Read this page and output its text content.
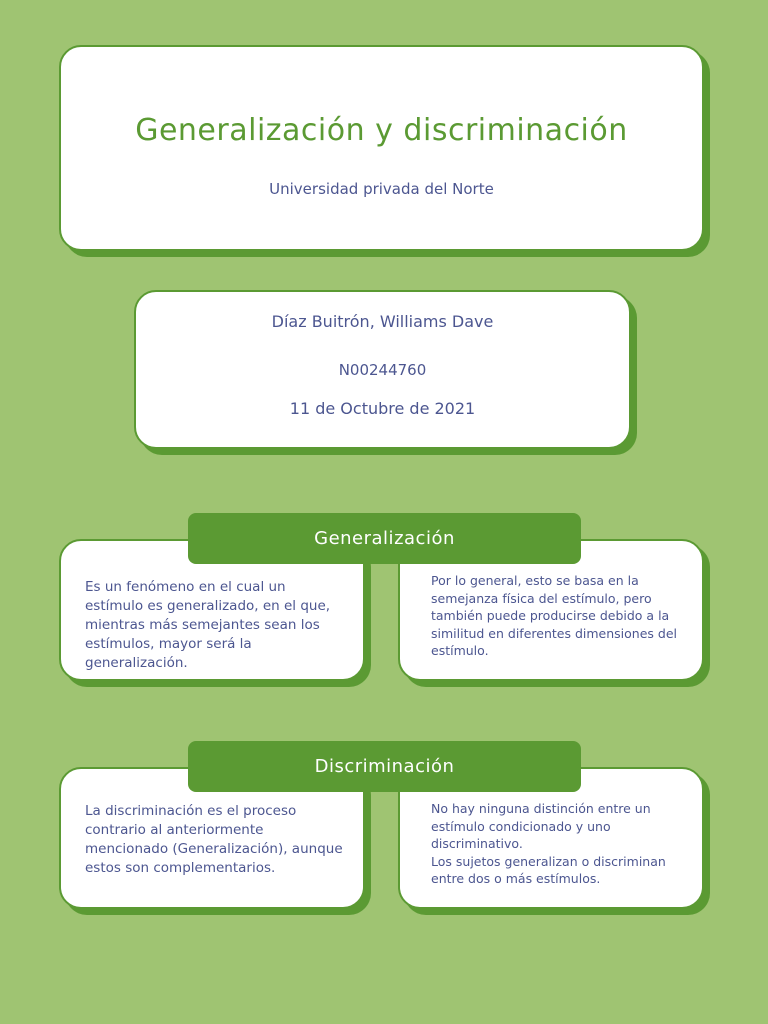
Generalización y discriminación
Universidad privada del Norte
Díaz Buitrón, Williams Dave
N00244760
11 de Octubre de 2021
Generalización

Es un fenómeno en el cual un estímulo es generalizado, en el que, mientras más semejantes sean los estímulos, mayor será la generalización.

Por lo general, esto se basa en la semejanza física del estímulo, pero también puede producirse debido a la similitud en diferentes dimensiones del estímulo.

Discriminación

La discriminación es el proceso contrario al anteriormente mencionado (Generalización), aunque estos son complementarios.

No hay ninguna distinción entre un estímulo condicionado y uno discriminativo.

Los sujetos generalizan o discriminan entre dos o más estímulos.
